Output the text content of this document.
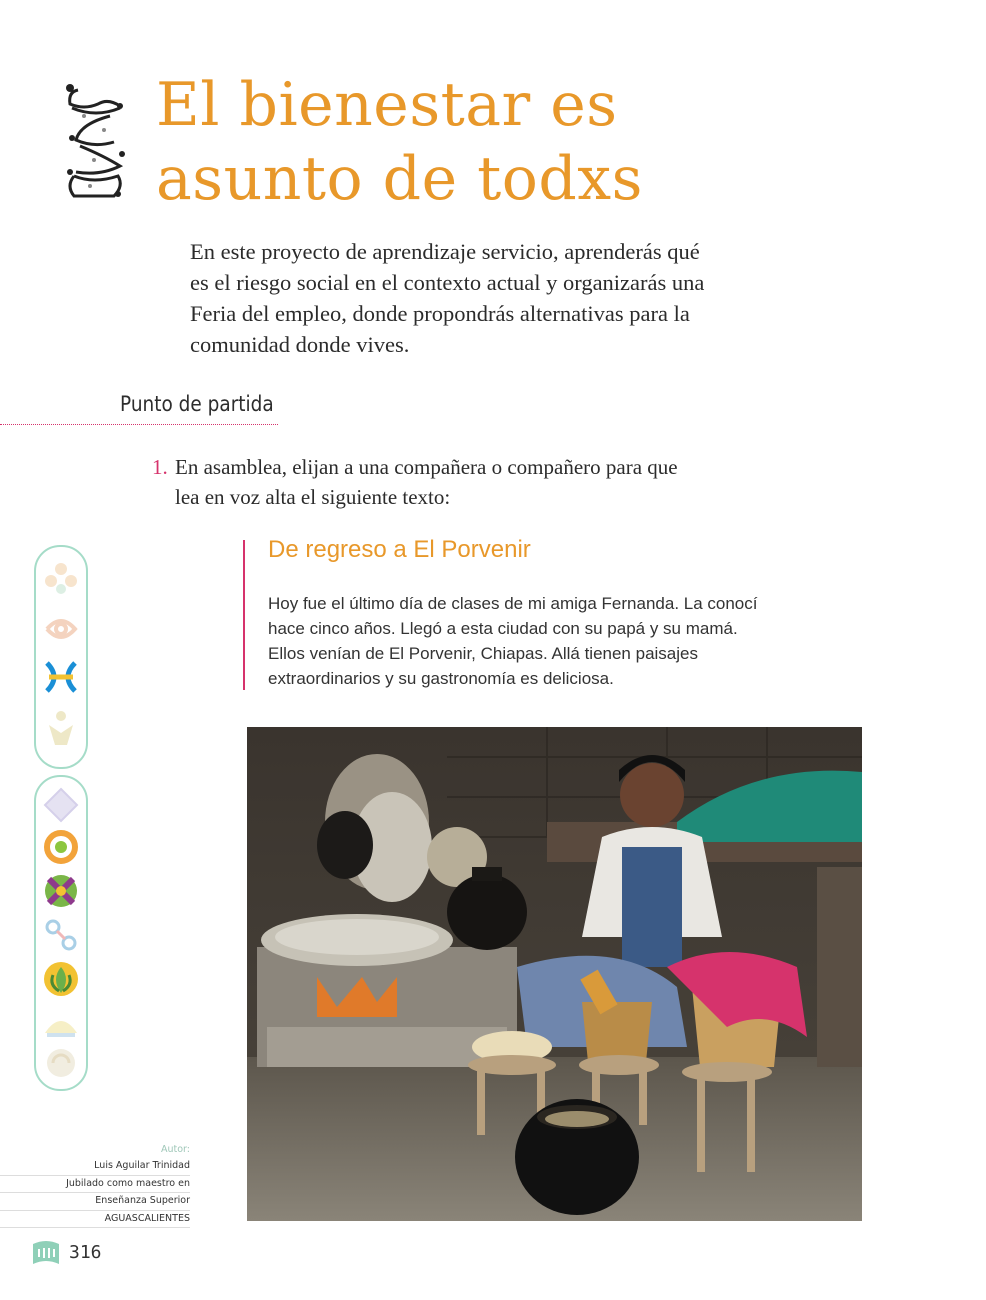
El bienestar es
asunto de todxs

En este proyecto de aprendizaje servicio, aprenderás qué es el riesgo social en el contexto actual y organizarás una Feria del empleo, donde propondrás alternativas para la comunidad donde vives.

Punto de partida
1. En asamblea, elijan a una compañera o compañero para que lea en voz alta el siguiente texto:
De regreso a El Porvenir

Hoy fue el último día de clases de mi amiga Fernanda. La conocí hace cinco años. Llegó a esta ciudad con su papá y su mamá. Ellos venían de El Porvenir, Chiapas. Allá tienen paisajes extraordinarios y su gastronomía es deliciosa.

Autor:
Luis Aguilar Trinidad
Jubilado como maestro en
Enseñanza Superior
AGUASCALIENTES
316
